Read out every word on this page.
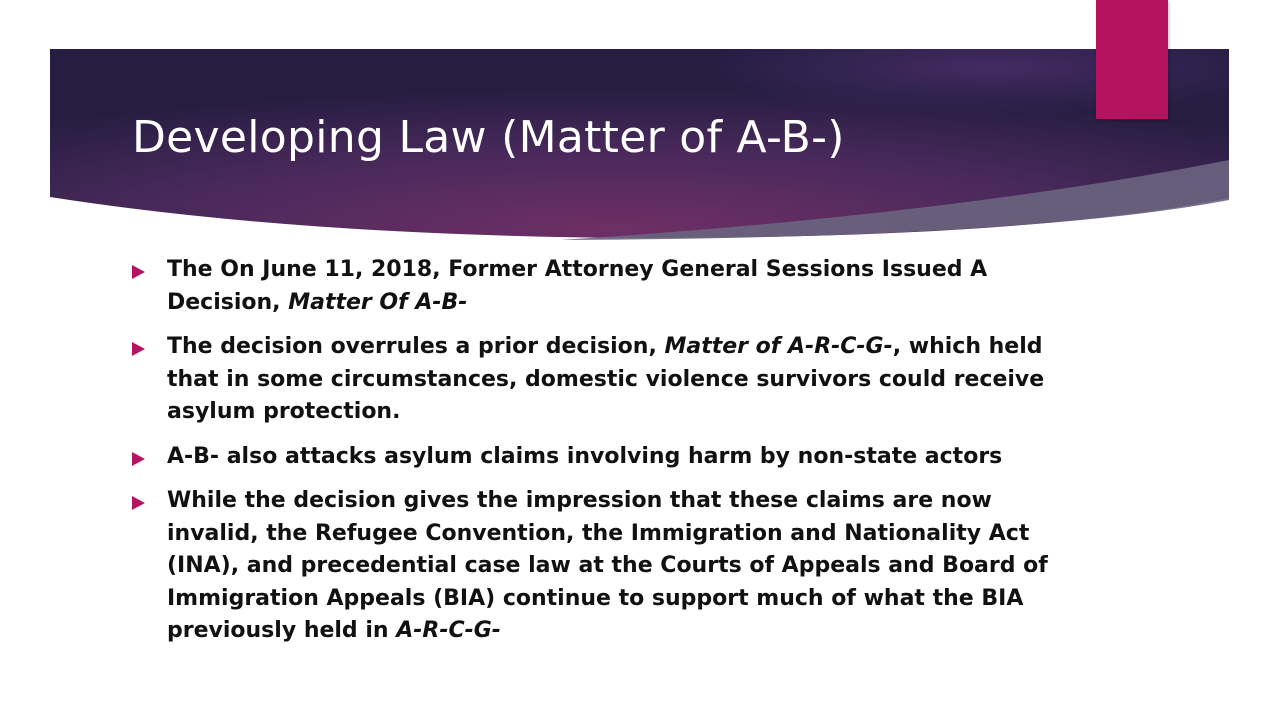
Developing Law (Matter of A-B-)
The On June 11, 2018, Former Attorney General Sessions Issued A Decision, Matter Of A-B-
The decision overrules a prior decision, Matter of A-R-C-G-, which held that in some circumstances, domestic violence survivors could receive asylum protection.
A-B- also attacks asylum claims involving harm by non-state actors
While the decision gives the impression that these claims are now invalid, the Refugee Convention, the Immigration and Nationality Act (INA), and precedential case law at the Courts of Appeals and Board of Immigration Appeals (BIA) continue to support much of what the BIA previously held in A-R-C-G-
